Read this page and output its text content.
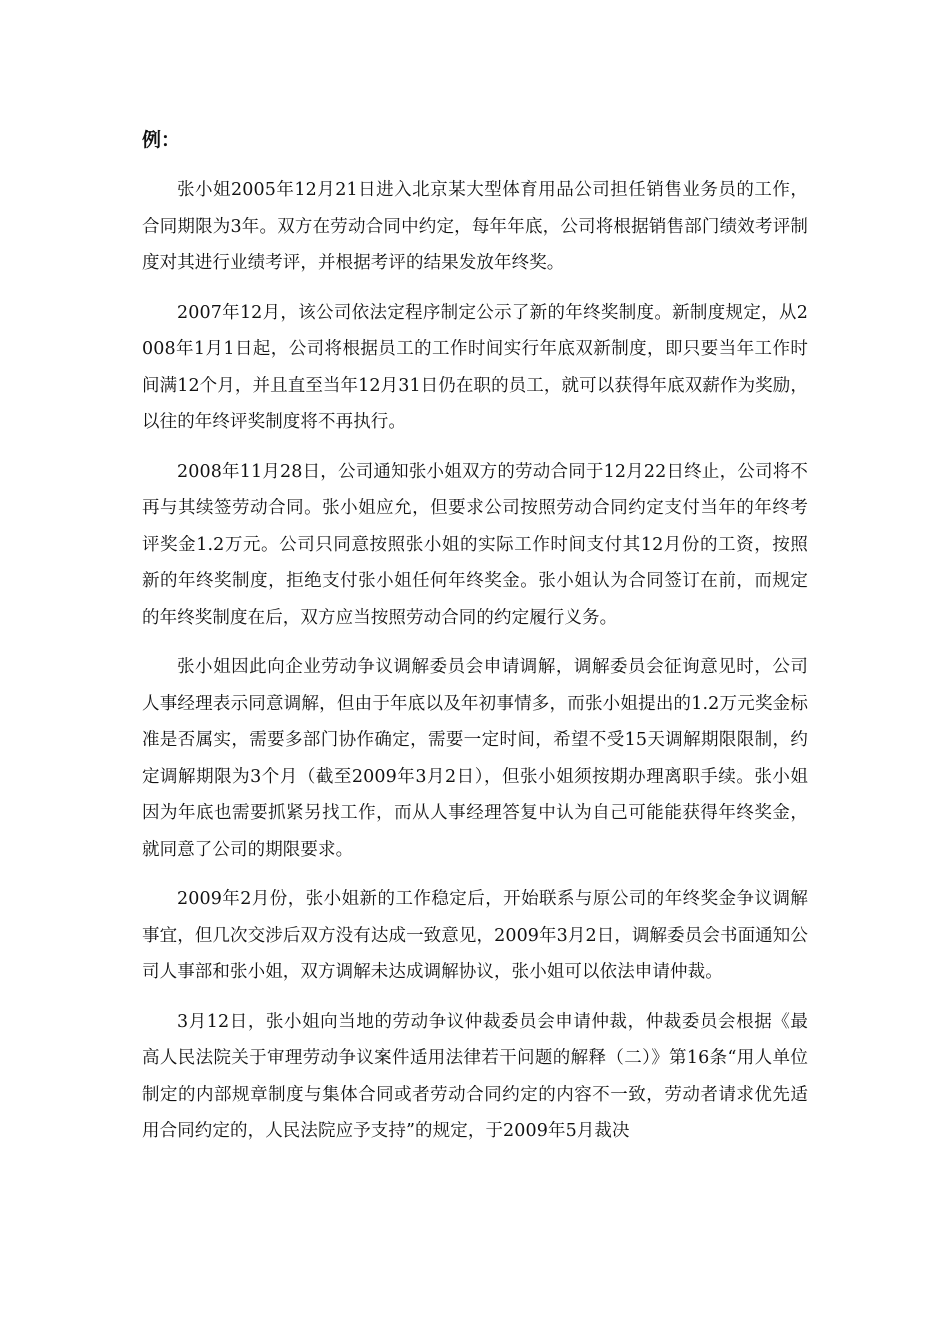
例：

张小姐2005年12月21日进入北京某大型体育用品公司担任销售业务员的工作，合同期限为3年。双方在劳动合同中约定，每年年底，公司将根据销售部门绩效考评制度对其进行业绩考评，并根据考评的结果发放年终奖。

2007年12月，该公司依法定程序制定公示了新的年终奖制度。新制度规定，从2008年1月1日起，公司将根据员工的工作时间实行年底双新制度，即只要当年工作时间满12个月，并且直至当年12月31日仍在职的员工，就可以获得年底双薪作为奖励，以往的年终评奖制度将不再执行。

2008年11月28日，公司通知张小姐双方的劳动合同于12月22日终止，公司将不再与其续签劳动合同。张小姐应允，但要求公司按照劳动合同约定支付当年的年终考评奖金1.2万元。公司只同意按照张小姐的实际工作时间支付其12月份的工资，按照新的年终奖制度，拒绝支付张小姐任何年终奖金。张小姐认为合同签订在前，而规定的年终奖制度在后，双方应当按照劳动合同的约定履行义务。

张小姐因此向企业劳动争议调解委员会申请调解，调解委员会征询意见时，公司人事经理表示同意调解，但由于年底以及年初事情多，而张小姐提出的1.2万元奖金标准是否属实，需要多部门协作确定，需要一定时间，希望不受15天调解期限限制，约定调解期限为3个月（截至2009年3月2日），但张小姐须按期办理离职手续。张小姐因为年底也需要抓紧另找工作，而从人事经理答复中认为自己可能能获得年终奖金，就同意了公司的期限要求。

2009年2月份，张小姐新的工作稳定后，开始联系与原公司的年终奖金争议调解事宜，但几次交涉后双方没有达成一致意见，2009年3月2日，调解委员会书面通知公司人事部和张小姐，双方调解未达成调解协议，张小姐可以依法申请仲裁。

3月12日，张小姐向当地的劳动争议仲裁委员会申请仲裁，仲裁委员会根据《最高人民法院关于审理劳动争议案件适用法律若干问题的解释（二）》第16条“用人单位制定的内部规章制度与集体合同或者劳动合同约定的内容不一致，劳动者请求优先适用合同约定的，人民法院应予支持”的规定，于2009年5月裁决
